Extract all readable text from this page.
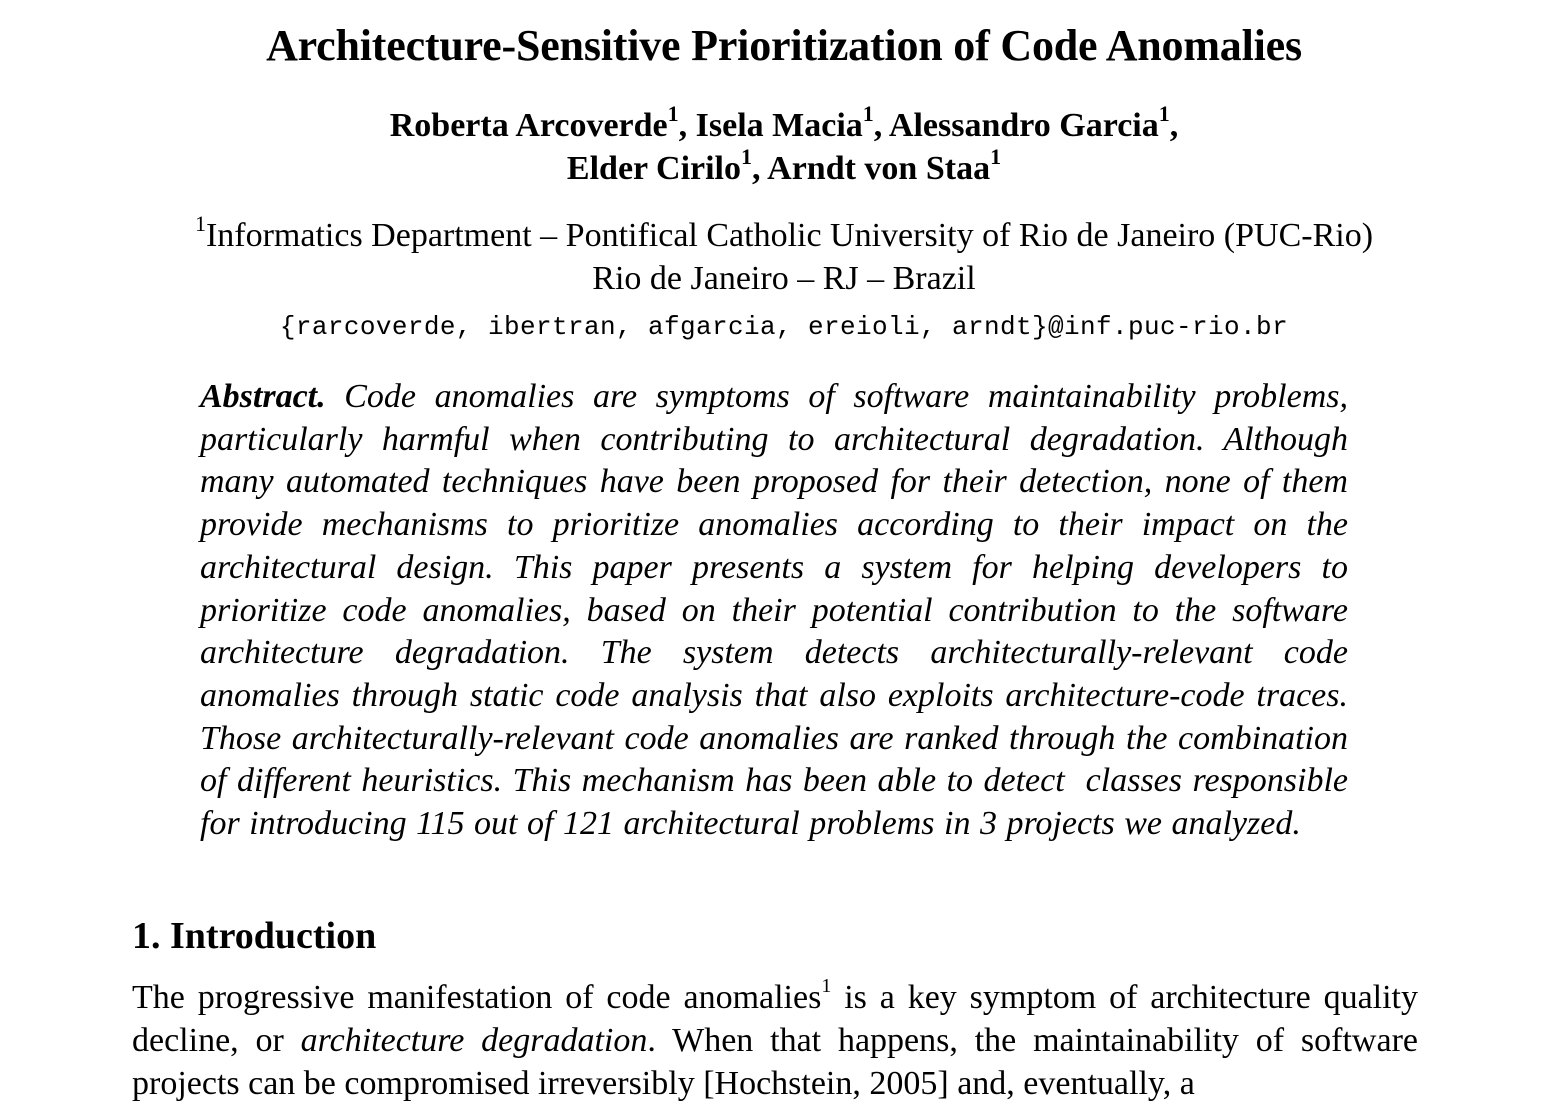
Architecture-Sensitive Prioritization of Code Anomalies
Roberta Arcoverde$^1$, Isela Macia$^1$, Alessandro Garcia$^1$,
Elder Cirilo$^1$, Arndt von Staa$^1$
$^1$Informatics Department – Pontifical Catholic University of Rio de Janeiro (PUC-Rio)
Rio de Janeiro – RJ – Brazil
{rarcoverde, ibertran, afgarcia, ereioli, arndt}@inf.puc-rio.br
Abstract. Code anomalies are symptoms of software maintainability problems, particularly harmful when contributing to architectural degradation. Although many automated techniques have been proposed for their detection, none of them provide mechanisms to prioritize anomalies according to their impact on the architectural design. This paper presents a system for helping developers to prioritize code anomalies, based on their potential contribution to the software architecture degradation. The system detects architecturally-relevant code anomalies through static code analysis that also exploits architecture-code traces. Those architecturally-relevant code anomalies are ranked through the combination of different heuristics. This mechanism has been able to detect  classes responsible for introducing 115 out of 121 architectural problems in 3 projects we analyzed.
1. Introduction
The progressive manifestation of code anomalies$^1$ is a key symptom of architecture quality decline, or architecture degradation. When that happens, the maintainability of software projects can be compromised irreversibly [Hochstein, 2005] and, eventually, a
